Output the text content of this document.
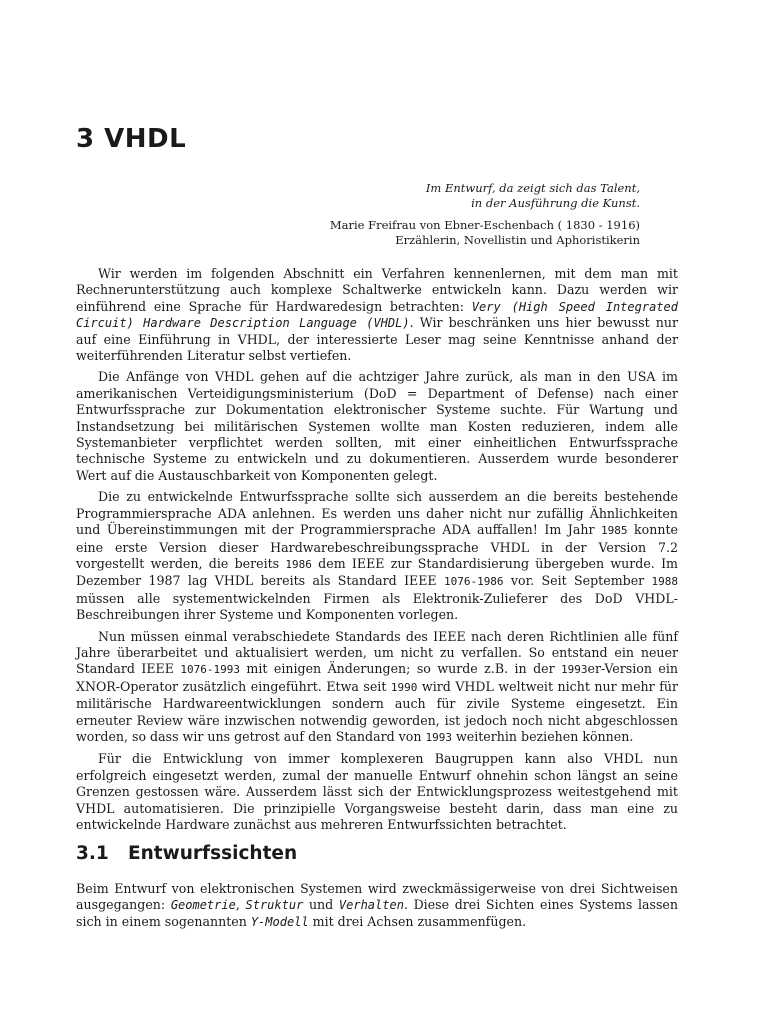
3 VHDL
Im Entwurf, da zeigt sich das Talent,
in der Ausführung die Kunst.
Marie Freifrau von Ebner-Eschenbach ( 1830 - 1916)
Erzählerin, Novellistin und Aphoristikerin

Wir werden im folgenden Abschnitt ein Verfahren kennenlernen, mit dem man mit Rechnerunterstützung auch komplexe Schaltwerke entwickeln kann. Dazu werden wir einführend eine Sprache für Hardwaredesign betrachten: Very (High Speed Integrated Circuit) Hardware Description Language (VHDL). Wir beschränken uns hier bewusst nur auf eine Einführung in VHDL, der interessierte Leser mag seine Kenntnisse anhand der weiterführenden Literatur selbst vertiefen.

Die Anfänge von VHDL gehen auf die achtziger Jahre zurück, als man in den USA im amerikanischen Verteidigungsministerium (DoD = Department of Defense) nach einer Entwurfssprache zur Dokumentation elektronischer Systeme suchte. Für Wartung und Instandsetzung bei militärischen Systemen wollte man Kosten reduzieren, indem alle Systemanbieter verpflichtet werden sollten, mit einer einheitlichen Entwurfssprache technische Systeme zu entwickeln und zu dokumentieren. Ausserdem wurde besonderer Wert auf die Austauschbarkeit von Komponenten gelegt.

Die zu entwickelnde Entwurfssprache sollte sich ausserdem an die bereits bestehende Programmiersprache ADA anlehnen. Es werden uns daher nicht nur zufällig Ähnlichkeiten und Übereinstimmungen mit der Programmiersprache ADA auffallen! Im Jahr 1985 konnte eine erste Version dieser Hardwarebeschreibungssprache VHDL in der Version 7.2 vorgestellt werden, die bereits 1986 dem IEEE zur Standardisierung übergeben wurde. Im Dezember 1987 lag VHDL bereits als Standard IEEE 1076-1986 vor. Seit September 1988 müssen alle systementwickelnden Firmen als Elektronik-Zulieferer des DoD VHDL-Beschreibungen ihrer Systeme und Komponenten vorlegen.

Nun müssen einmal verabschiedete Standards des IEEE nach deren Richtlinien alle fünf Jahre überarbeitet und aktualisiert werden, um nicht zu verfallen. So entstand ein neuer Standard IEEE 1076-1993 mit einigen Änderungen; so wurde z.B. in der 1993er-Version ein XNOR-Operator zusätzlich eingeführt. Etwa seit 1990 wird VHDL weltweit nicht nur mehr für militärische Hardwareentwicklungen sondern auch für zivile Systeme eingesetzt. Ein erneuter Review wäre inzwischen notwendig geworden, ist jedoch noch nicht abgeschlossen worden, so dass wir uns getrost auf den Standard von 1993 weiterhin beziehen können.

Für die Entwicklung von immer komplexeren Baugruppen kann also VHDL nun erfolgreich eingesetzt werden, zumal der manuelle Entwurf ohnehin schon längst an seine Grenzen gestossen wäre. Ausserdem lässt sich der Entwicklungsprozess weitestgehend mit VHDL automatisieren. Die prinzipielle Vorgangsweise besteht darin, dass man eine zu entwickelnde Hardware zunächst aus mehreren Entwurfssichten betrachtet.

3.1 Entwurfssichten

Beim Entwurf von elektronischen Systemen wird zweckmässigerweise von drei Sichtweisen ausgegangen: Geometrie, Struktur und Verhalten. Diese drei Sichten eines Systems lassen sich in einem sogenannten Y-Modell mit drei Achsen zusammenfügen.
